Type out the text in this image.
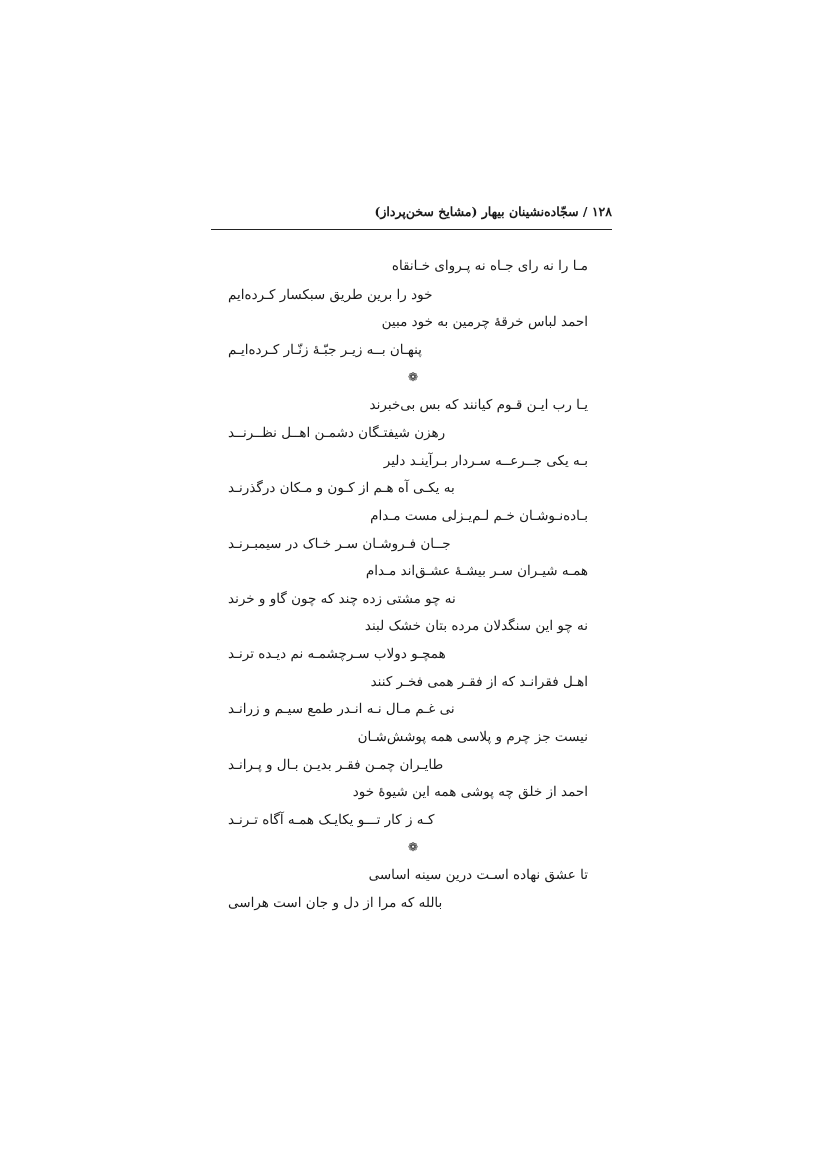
۱۲۸ / سجّاده‌نشینان بیهار (مشایخ سخن‌پرداز)
مـا را نه رای جـاه نه پـروای خـانقاه
خود را برین طریق سبکسار کـرده‌ایم
احمد لباس خرقهٔ چرمین به خود مبین
پنهـان بــه زیـر جبّـهٔ زنّـار کـرده‌ایـم
❁
یـا رب ایـن قـوم کیانند که بس بی‌خبرند
رهزن شیفتـگان دشمـن اهــل نظــرنــد
بـه یکی جــرعــه سـردار بـرآینـد دلیر
به یکـی آه هـم از کـون و مـکان درگذرنـد
بـاده‌نـوشـان خـم لـم‌یـزلی مست مـدام
جــان فـروشـان سـر خـاک در سیمبـرنـد
همـه شیـران سـر بیشـهٔ عشـق‌اند مـدام
نه چو مشتی زده چند که چون گاو و خرند
نه چو این سنگدلان مرده بتان خشک لبند
همچـو دولاب سـرچشمـه نم دیـده ترنـد
اهـل فقرانـد که از فقـر همی فخـر کنند
نی غـم مـال نـه انـدر طمع سیـم و زرانـد
نیست جز چرم و پلاسی همه پوشش‌شـان
طایـران چمـن فقـر بدیـن بـال و پـرانـد
احمد از خلق چه پوشی همه این شیوهٔ خود
کـه ز کار تـــو یکایـک همـه آگاه تـرنـد
❁
تا عشق نهاده اسـت درین سینه اساسی
بالله که مرا از دل و جان است هراسی
